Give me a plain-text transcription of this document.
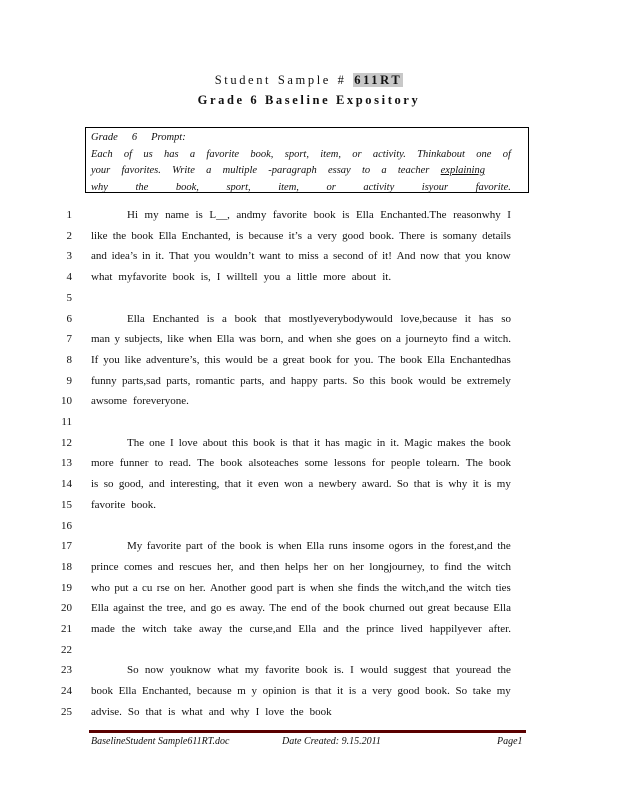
Student Sample # 611RT
Grade 6 Baseline Expository
Grade 6 Prompt:
Each of us has a favorite book, sport, item, or activity. Thinkabout one of
your favorites. Write a multiple -paragraph essay to a teacher explaining
why	the	book,	sport,	item,	or	activity	isyour	favorite.
1	Hi my name is L__, andmy favorite book is Ella Enchanted.The reasonwhy I
2 like the book Ella Enchanted, is because it’s a very good book. There is somany details
3 and idea’s in it. That you wouldn’t want to miss a second of it! And now that you know
4 what myfavorite book is, I willtell you a little more about it.
5
6	Ella Enchanted is a book that mostlyeverybodywould love,because it has so
7 man y subjects, like when Ella was born, and when she goes on a journeyto find a witch.
8 If you like adventure’s, this would be a great book for you. The book Ella Enchantedhas
9 funny parts,sad parts, romantic parts, and happy parts. So this book would be extremely
10 awsome foreveryone.
11
12	The one I love about this book is that it has magic in it. Magic makes the book
13 more funner to read. The book alsoteaches some lessons for people tolearn. The book
14 is so good, and interesting, that it even won a newbery award. So that is why it is my
15 favorite book.
16
17	My favorite part of the book is when Ella runs insome ogors in the forest,and the
18 prince comes and rescues her, and then helps her on her longjourney, to find the witch
19 who put a cu rse on her. Another good part is when she finds the witch,and the witch ties
20 Ella against the tree, and go es away. The end of the book churned out great because Ella
21 made the witch take away the curse,and Ella and the prince lived happilyever after.
22
23	So now youknow what my favorite book is. I would suggest that youread the
24 book Ella Enchanted, because m y opinion is that it is a very good book. So take my
25 advise. So that is what and why I love the book
BaselineStudent Sample611RT.doc	Date Created: 9.15.2011	Page1
